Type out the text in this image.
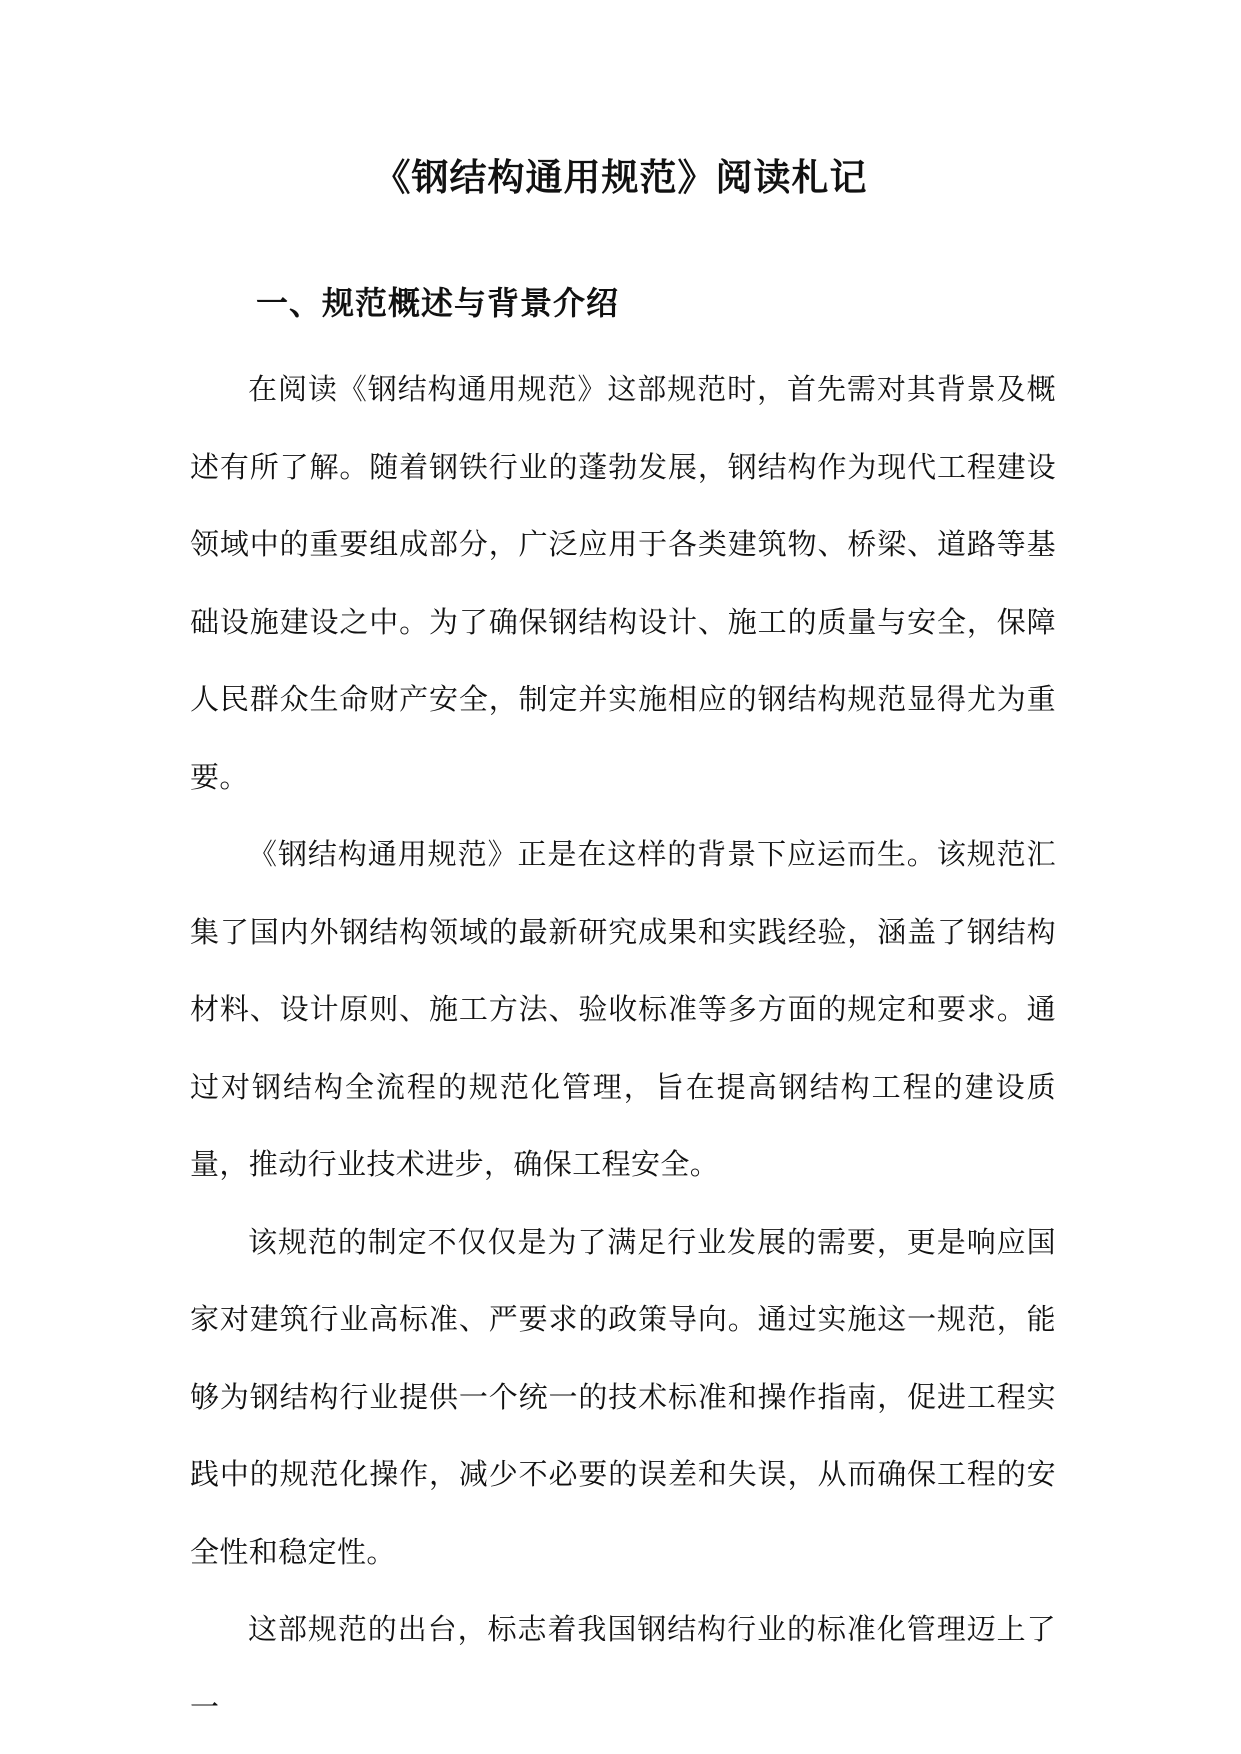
《钢结构通用规范》阅读札记
一、规范概述与背景介绍

在阅读《钢结构通用规范》这部规范时，首先需对其背景及概述有所了解。随着钢铁行业的蓬勃发展，钢结构作为现代工程建设领域中的重要组成部分，广泛应用于各类建筑物、桥梁、道路等基础设施建设之中。为了确保钢结构设计、施工的质量与安全，保障人民群众生命财产安全，制定并实施相应的钢结构规范显得尤为重要。

《钢结构通用规范》正是在这样的背景下应运而生。该规范汇集了国内外钢结构领域的最新研究成果和实践经验，涵盖了钢结构材料、设计原则、施工方法、验收标准等多方面的规定和要求。通过对钢结构全流程的规范化管理，旨在提高钢结构工程的建设质量，推动行业技术进步，确保工程安全。

该规范的制定不仅仅是为了满足行业发展的需要，更是响应国家对建筑行业高标准、严要求的政策导向。通过实施这一规范，能够为钢结构行业提供一个统一的技术标准和操作指南，促进工程实践中的规范化操作，减少不必要的误差和失误，从而确保工程的安全性和稳定性。

这部规范的出台，标志着我国钢结构行业的标准化管理迈上了一
